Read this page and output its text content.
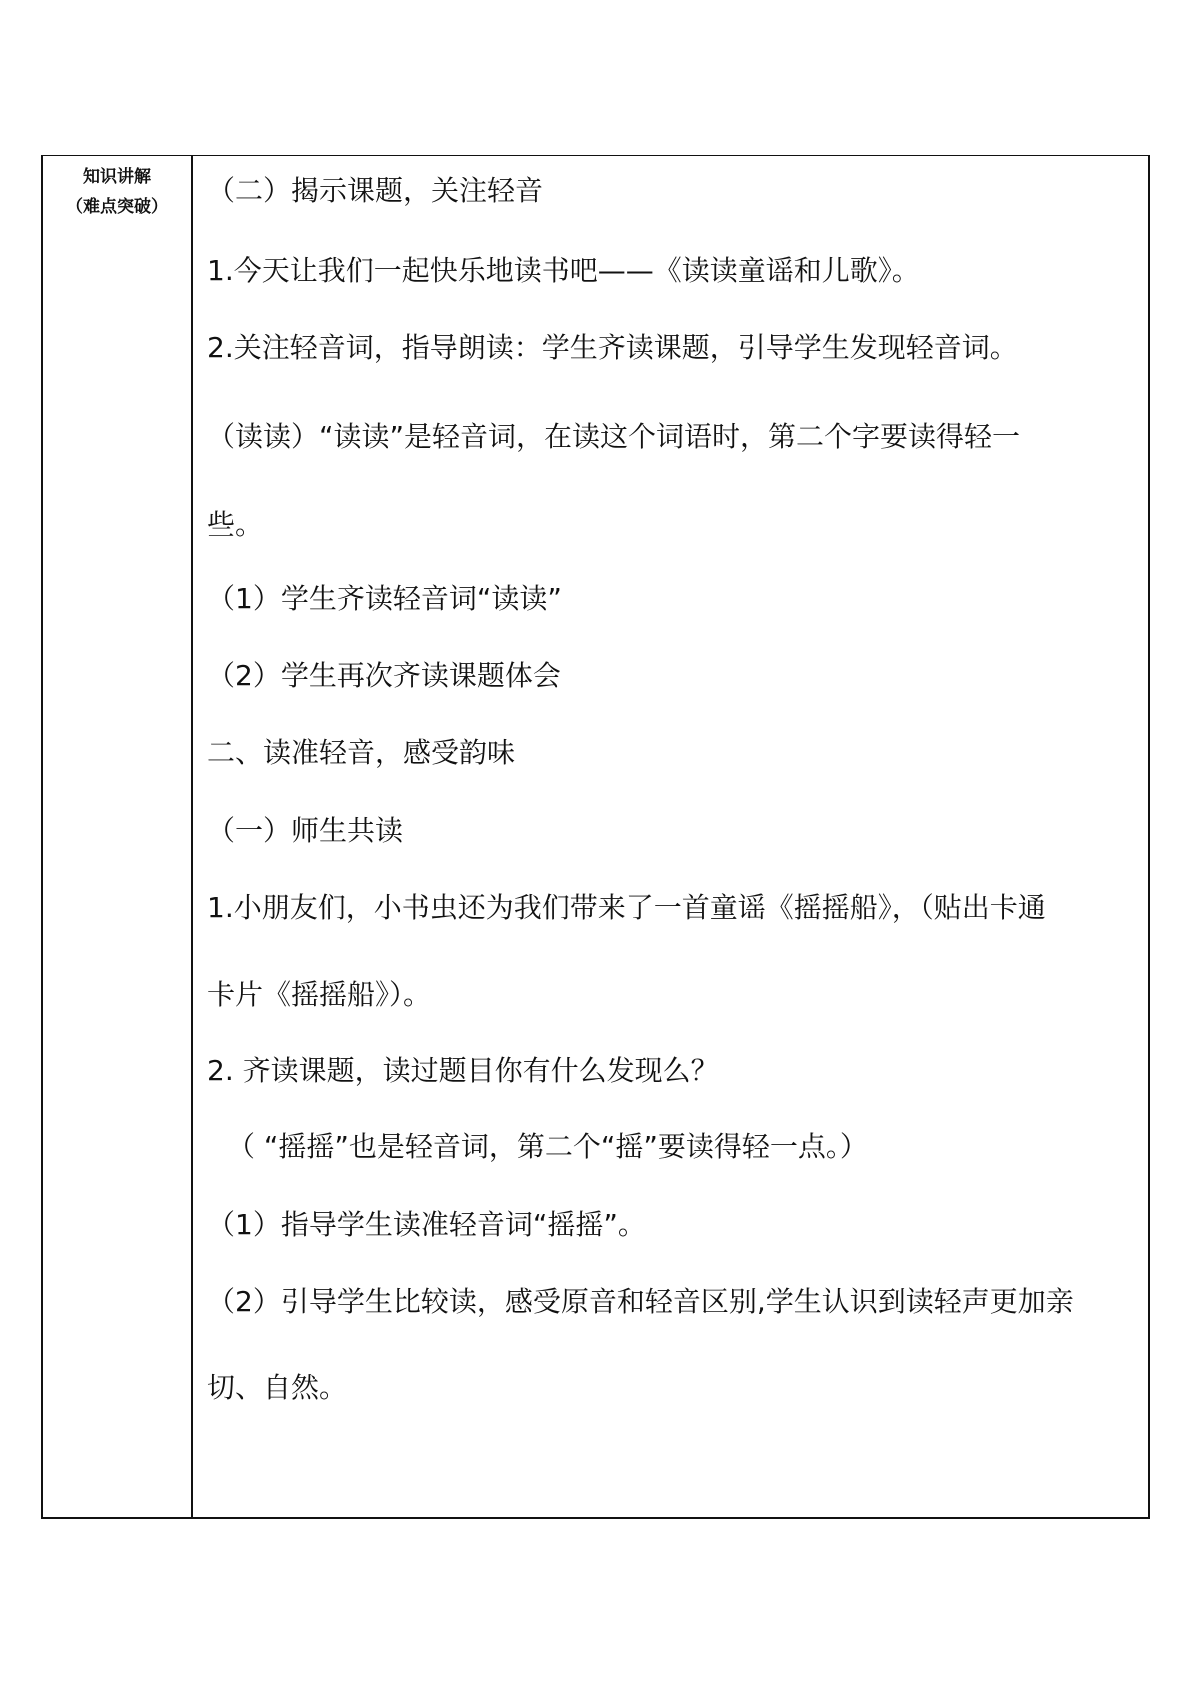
知识讲解
（难点突破） （二）揭示课题，关注轻音
1.今天让我们一起快乐地读书吧——《读读童谣和儿歌》。
2.关注轻音词，指导朗读：学生齐读课题，引导学生发现轻音词。
（读读）“读读”是轻音词，在读这个词语时，第二个字要读得轻一
些。
（1）学生齐读轻音词“读读”
（2）学生再次齐读课题体会
二、读准轻音，感受韵味
（一）师生共读
1.小朋友们，小书虫还为我们带来了一首童谣《摇摇船》，（贴出卡通
卡片《摇摇船》）。
2. 齐读课题，读过题目你有什么发现么？
（ “摇摇”也是轻音词，第二个“摇”要读得轻一点。）
（1）指导学生读准轻音词“摇摇”。
（2）引导学生比较读，感受原音和轻音区别,学生认识到读轻声更加亲
切、自然。
